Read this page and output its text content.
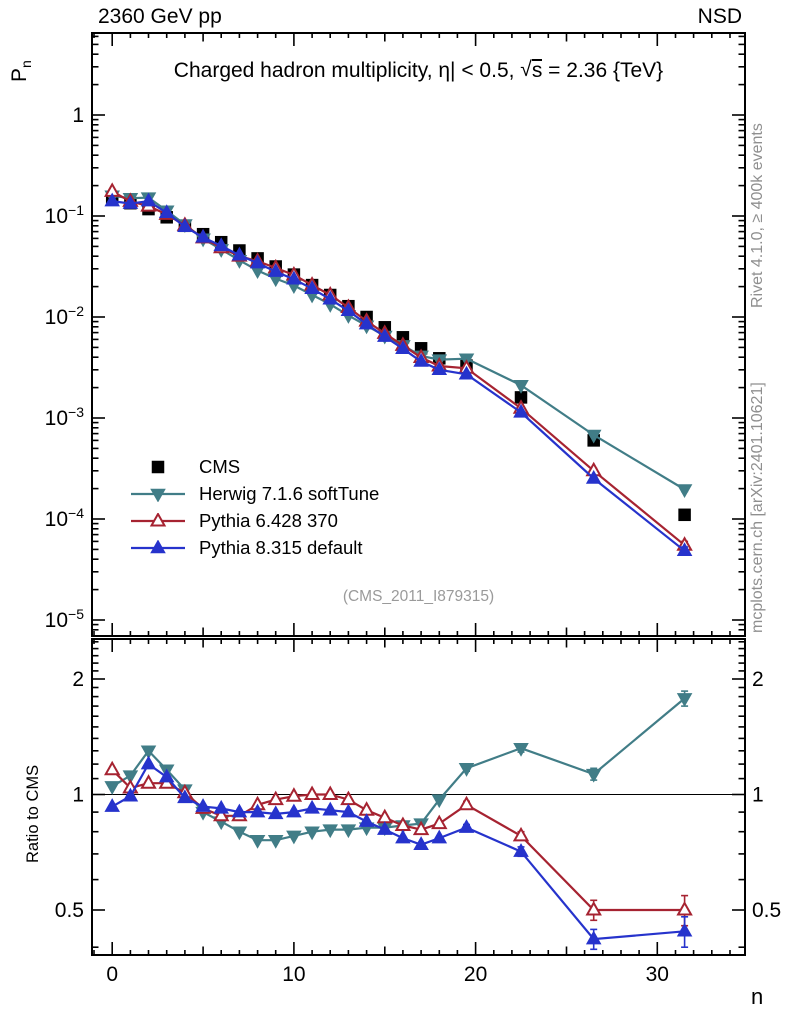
1
$10^{-1}$
$10^{-2}$
$10^{-3}$
$10^{-4}$
$10^{-5}$
2	2
1	1
0.5	0.5
0	10	20	30
2360 GeV pp	NSD
Charged hadron multiplicity, η| < 0.5, √s = 2.36 {TeV}
$P_n$
Ratio to CMS
n
CMS
Herwig 7.1.6 softTune
Pythia 6.428 370
Pythia 8.315 default
(CMS_2011_I879315)
Rivet 4.1.0, ≥ 400k events
mcplots.cern.ch [arXiv:2401.10621]
